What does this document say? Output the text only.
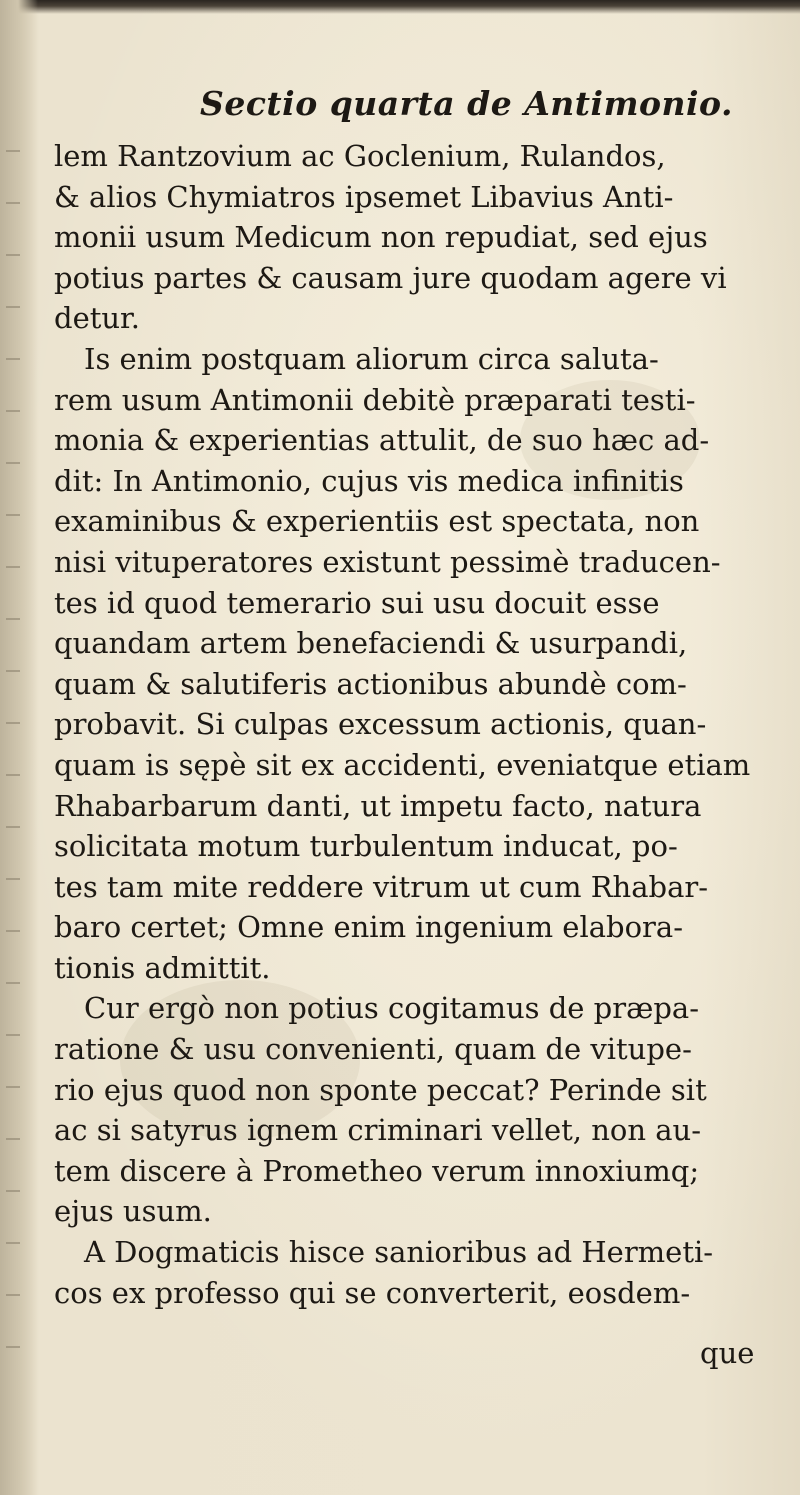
Sectio quarta de Antimonio.
lem Rantzovium ac Goclenium, Rulandos,
& alios Chymiatros ipsemet Libavius Anti-
monii usum Medicum non repudiat, sed ejus
potius partes & causam jure quodam agere vi
detur.
Is enim postquam aliorum circa saluta-
rem usum Antimonii debitè præparati testi-
monia & experientias attulit, de suo hæc ad-
dit: In Antimonio, cujus vis medica infinitis
examinibus & experientiis est spectata, non
nisi vituperatores existunt pessimè traducen-
tes id quod temerario sui usu docuit esse
quandam artem benefaciendi & usurpandi,
quam & salutiferis actionibus abundè com-
probavit. Si culpas excessum actionis, quan-
quam is sępè sit ex accidenti, eveniatque etiam
Rhabarbarum danti, ut impetu facto, natura
solicitata motum turbulentum inducat, po-
tes tam mite reddere vitrum ut cum Rhabar-
baro certet; Omne enim ingenium elabora-
tionis admittit.
Cur ergò non potius cogitamus de præpa-
ratione & usu convenienti, quam de vitupe-
rio ejus quod non sponte peccat? Perinde sit
ac si satyrus ignem criminari vellet, non au-
tem discere à Prometheo verum innoxiumq;
ejus usum.
A Dogmaticis hisce sanioribus ad Hermeti-
cos ex professo qui se converterit, eosdem-
que
